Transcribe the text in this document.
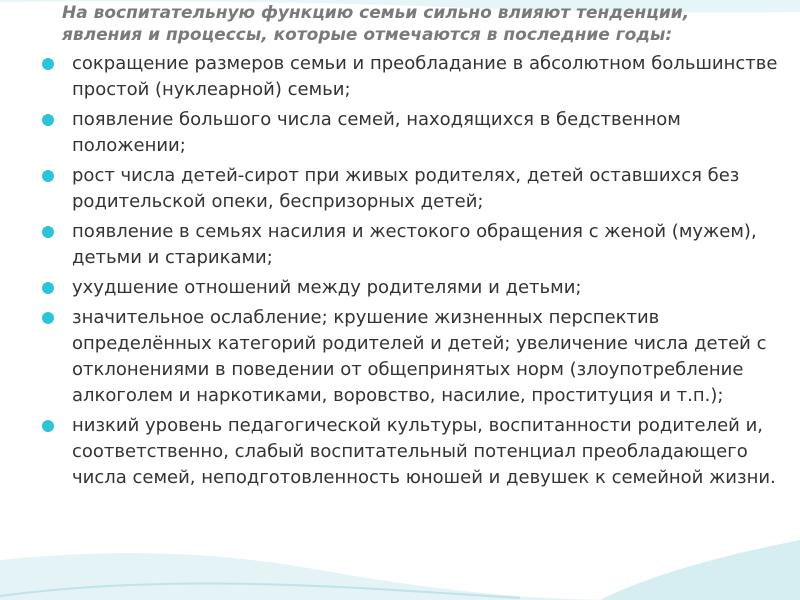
На воспитательную функцию семьи сильно влияют тенденции, явления и процессы, которые отмечаются в последние годы:

сокращение размеров семьи и преобладание в абсолютном большинстве простой (нуклеарной) семьи;
появление большого числа семей, находящихся в бедственном положении;
рост числа детей-сирот при живых родителях, детей оставшихся без родительской опеки, беспризорных детей;
появление в семьях насилия и жестокого обращения с женой (мужем), детьми и стариками;
ухудшение отношений между родителями и детьми;
значительное ослабление; крушение жизненных перспектив определённых категорий родителей и детей; увеличение числа детей с отклонениями в поведении от общепринятых норм (злоупотребление алкоголем и наркотиками, воровство, насилие, проституция и т.п.);
низкий уровень педагогической культуры, воспитанности родителей и, соответственно, слабый воспитательный потенциал преобладающего числа семей, неподготовленность юношей и девушек к семейной жизни.
